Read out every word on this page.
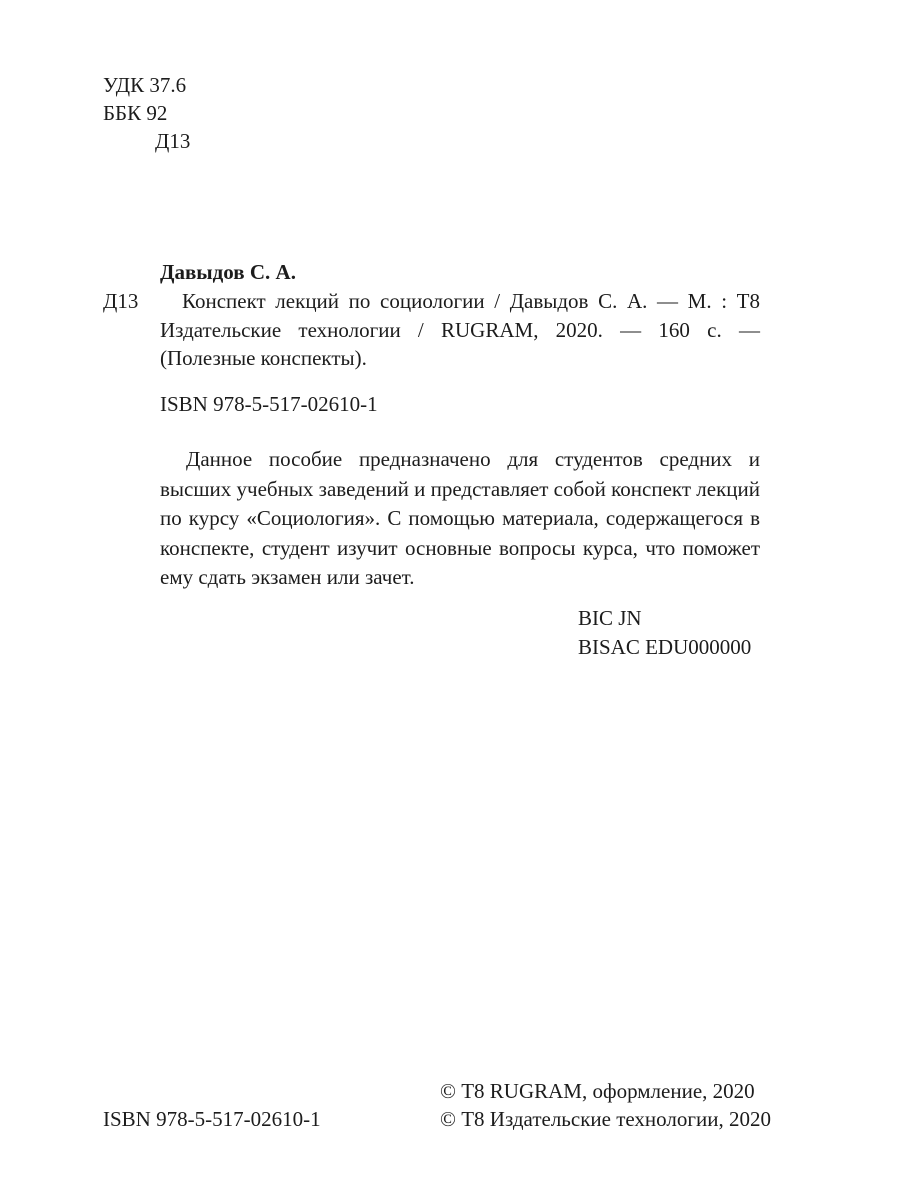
УДК 37.6
ББК 92
Д13
Давыдов С. А.
Д13	Конспект лекций по социологии / Давыдов С. А. — М. : Т8 Издательские технологии / RUGRAM, 2020. — 160 с. — (Полезные конспекты).
ISBN 978-5-517-02610-1
Данное пособие предназначено для студентов средних и высших учебных заведений и представляет собой конспект лекций по курсу «Социология». С помощью материала, содержащегося в конспекте, студент изучит основные вопросы курса, что поможет ему сдать экзамен или зачет.
BIC JN
BISAC EDU000000
© Т8 RUGRAM, оформление, 2020
© Т8 Издательские технологии, 2020
ISBN 978-5-517-02610-1
